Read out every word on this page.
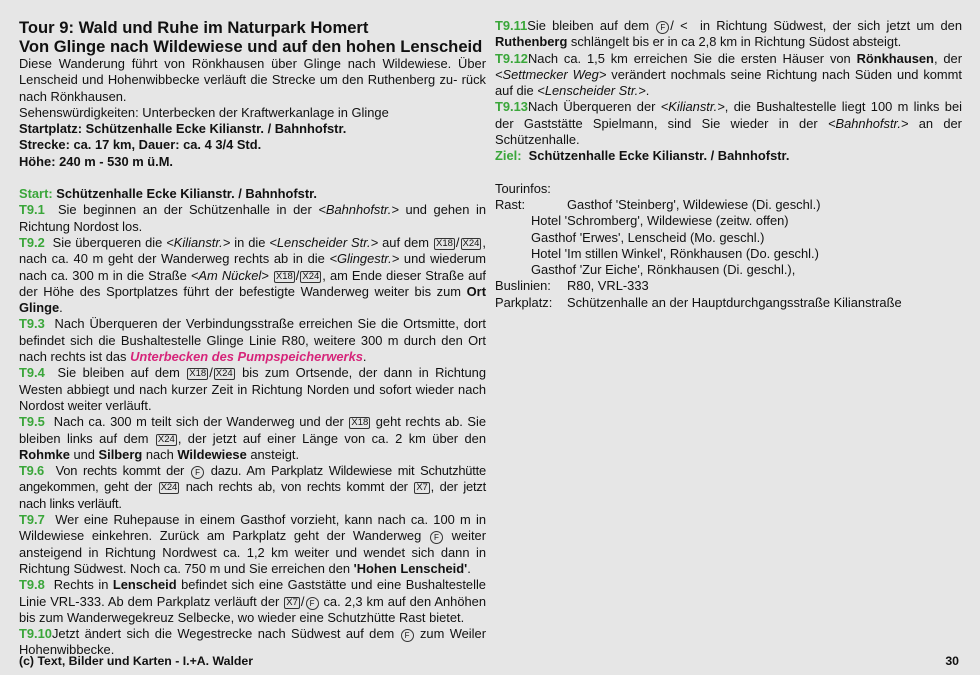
Tour 9: Wald und Ruhe im Naturpark Homert

Von Glinge nach Wildewiese und auf den hohen Lenscheid

Diese Wanderung führt von Rönkhausen über Glinge nach Wildewiese. Über Lenscheid und Hohenwibbecke verläuft die Strecke um den Ruthenberg zu- rück nach Rönkhausen.

Sehenswürdigkeiten: Unterbecken der Kraftwerkanlage in Glinge

Startplatz: Schützenhalle Ecke Kilianstr. / Bahnhofstr.

Strecke: ca. 17 km, Dauer: ca. 4 3/4 Std.

Höhe: 240 m - 530 m ü.M.

Start: Schützenhalle Ecke Kilianstr. / Bahnhofstr.

T9.1  Sie beginnen an der Schützenhalle in der <Bahnhofstr.> und gehen in Richtung Nordost los.

T9.2  Sie überqueren die <Kilianstr.> in die <Lenscheider Str.> auf dem X18 / X24 , nach ca. 40 m geht der Wanderweg rechts ab in die <Glingestr.> und wiederum nach ca. 300 m in die Straße <Am Nückel> X18 / X24 , am Ende dieser Straße auf der Höhe des Sportplatzes führt der befestigte Wanderweg weiter bis zum Ort Glinge.

T9.3  Nach Überqueren der Verbindungsstraße erreichen Sie die Ortsmitte, dort befindet sich die Bushaltestelle Glinge Linie R80, weitere 300 m durch den Ort nach rechts ist das Unterbecken des Pumpspeicherwerks.

T9.4  Sie bleiben auf dem X18 / X24 bis zum Ortsende, der dann in Richtung Westen abbiegt und nach kurzer Zeit in Richtung Norden und sofort wieder nach Nordost weiter verläuft.

T9.5  Nach ca. 300 m teilt sich der Wanderweg und der X18 geht rechts ab. Sie bleiben links auf dem X24 , der jetzt auf einer Länge von ca. 2 km über den Rohmke und Silberg nach Wildewiese ansteigt.

T9.6  Von rechts kommt der F dazu. Am Parkplatz Wildewiese mit Schutzhütte angekommen, geht der X24 nach rechts ab, von rechts kommt der X7 , der jetzt nach links verläuft.

T9.7  Wer eine Ruhepause in einem Gasthof vorzieht, kann nach ca. 100 m in Wildewiese einkehren. Zurück am Parkplatz geht der Wanderweg F weiter ansteigend in Richtung Nordwest ca. 1,2 km weiter und wendet sich dann in Richtung Südwest. Noch ca. 750 m und Sie erreichen den 'Hohen Lenscheid'.

T9.8  Rechts in Lenscheid befindet sich eine Gaststätte und eine Bushaltestelle Linie VRL-333. Ab dem Parkplatz verläuft der X7 / F ca. 2,3 km auf den Anhöhen bis zum Wanderwegekreuz Selbecke, wo wieder eine Schutzhütte Rast bietet.

T9.10Jetzt ändert sich die Wegestrecke nach Südwest auf dem F zum Weiler Hohenwibbecke.

T9.11Sie bleiben auf dem F / <  in Richtung Südwest, der sich jetzt um den Ruthenberg schlängelt bis er in ca 2,8 km in Richtung Südost absteigt.

T9.12Nach ca. 1,5 km erreichen Sie die ersten Häuser von Rönkhausen, der <Settmecker Weg> verändert nochmals seine Richtung nach Süden und kommt auf die <Lenscheider Str.>.

T9.13Nach Überqueren der <Kilianstr.>, die Bushaltestelle liegt 100 m links bei der Gaststätte Spielmann, sind Sie wieder in der <Bahnhofstr.> an der Schützenhalle.

Ziel: Schützenhalle Ecke Kilianstr. / Bahnhofstr.

Tourinfos:

Rast:	Gasthof 'Steinberg', Wildewiese (Di. geschl.)

Hotel 'Schromberg', Wildewiese (zeitw. offen)

Gasthof 'Erwes', Lenscheid (Mo. geschl.)

Hotel 'Im stillen Winkel', Rönkhausen (Do. geschl.)

Gasthof 'Zur Eiche', Rönkhausen (Di. geschl.),

Buslinien: R80, VRL-333

Parkplatz: Schützenhalle an der Hauptdurchgangsstraße Kilianstraße

(c) Text, Bilder und Karten - I.+A. Walder	30
